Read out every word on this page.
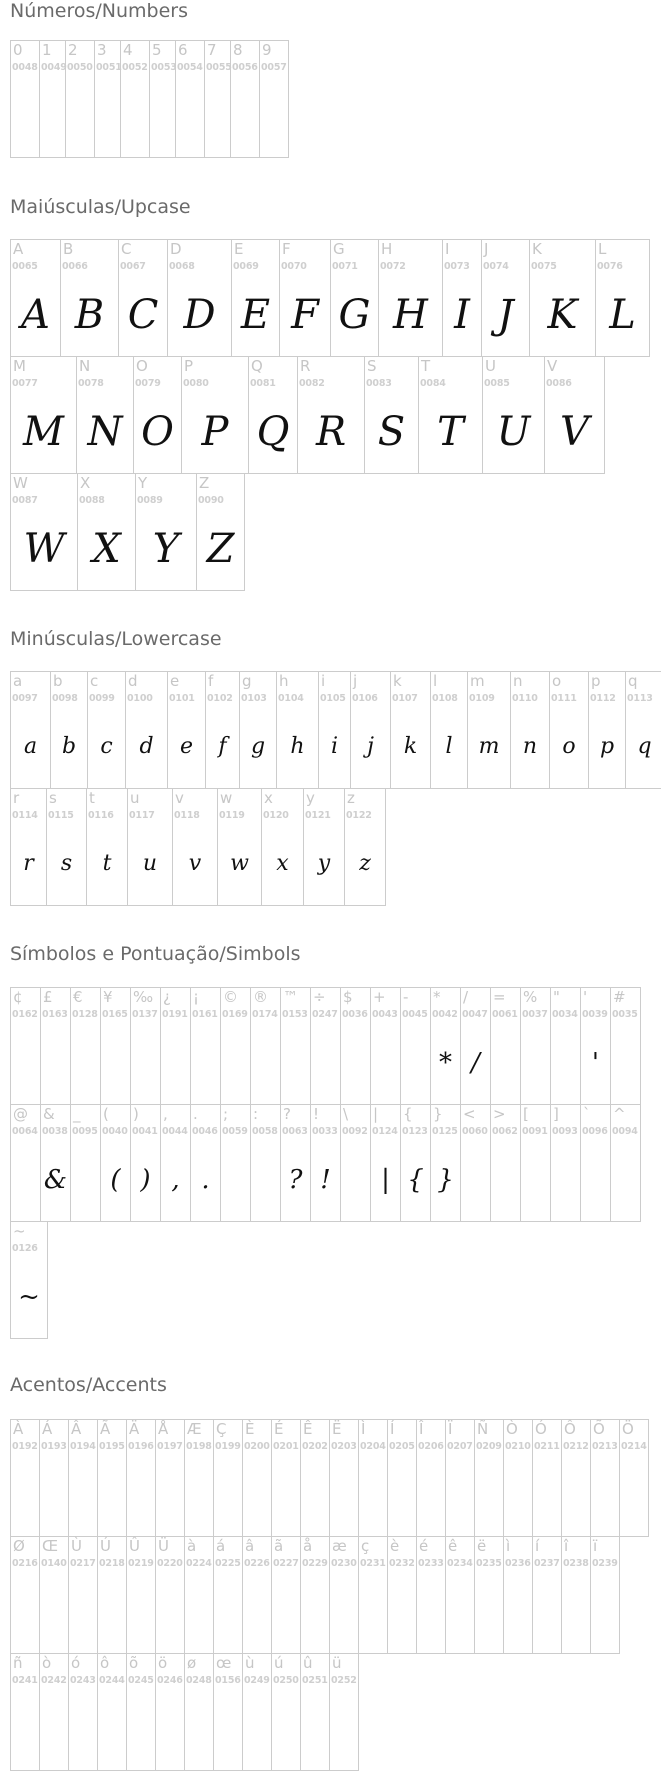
Números/Numbers
0
0048
1
0049
2
0050
3
0051
4
0052
5
0053
6
0054
7
0055
8
0056
9
0057
Maiúsculas/Upcase
A
0065
A
B
0066
B
C
0067
C
D
0068
D
E
0069
E
F
0070
F
G
0071
G
H
0072
H
I
0073
I
J
0074
J
K
0075
K
L
0076
L
M
0077
M
N
0078
N
O
0079
O
P
0080
P
Q
0081
Q
R
0082
R
S
0083
S
T
0084
T
U
0085
U
V
0086
V
W
0087
W
X
0088
X
Y
0089
Y
Z
0090
Z
Minúsculas/Lowercase
a
0097
a
b
0098
b
c
0099
c
d
0100
d
e
0101
e
f
0102
f
g
0103
g
h
0104
h
i
0105
i
j
0106
j
k
0107
k
l
0108
l
m
0109
m
n
0110
n
o
0111
o
p
0112
p
q
0113
q
r
0114
r
s
0115
s
t
0116
t
u
0117
u
v
0118
v
w
0119
w
x
0120
x
y
0121
y
z
0122
z
Símbolos e Pontuação/Simbols
¢
0162
£
0163
€
0128
¥
0165
‰
0137
¿
0191
¡
0161
©
0169
®
0174
™
0153
÷
0247
$
0036
+
0043
-
0045
*
0042
*
/
0047
/
=
0061
%
0037
"
0034
'
0039
'
#
0035
@
0064
&
0038
&
_
0095
(
0040
(
)
0041
)
,
0044
,
.
0046
.
;
0059
:
0058
?
0063
?
!
0033
!
\
0092
|
0124
|
{
0123
{
}
0125
}
<
0060
>
0062
[
0091
]
0093
`
0096
^
0094
~
0126
~
Acentos/Accents
À
0192
Á
0193
Â
0194
Ã
0195
Ä
0196
Å
0197
Æ
0198
Ç
0199
È
0200
É
0201
Ê
0202
Ë
0203
Ì
0204
Í
0205
Î
0206
Ï
0207
Ñ
0209
Ò
0210
Ó
0211
Ô
0212
Õ
0213
Ö
0214
Ø
0216
Œ
0140
Ù
0217
Ú
0218
Û
0219
Ü
0220
à
0224
á
0225
â
0226
ã
0227
å
0229
æ
0230
ç
0231
è
0232
é
0233
ê
0234
ë
0235
ì
0236
í
0237
î
0238
ï
0239
ñ
0241
ò
0242
ó
0243
ô
0244
õ
0245
ö
0246
ø
0248
œ
0156
ù
0249
ú
0250
û
0251
ü
0252
